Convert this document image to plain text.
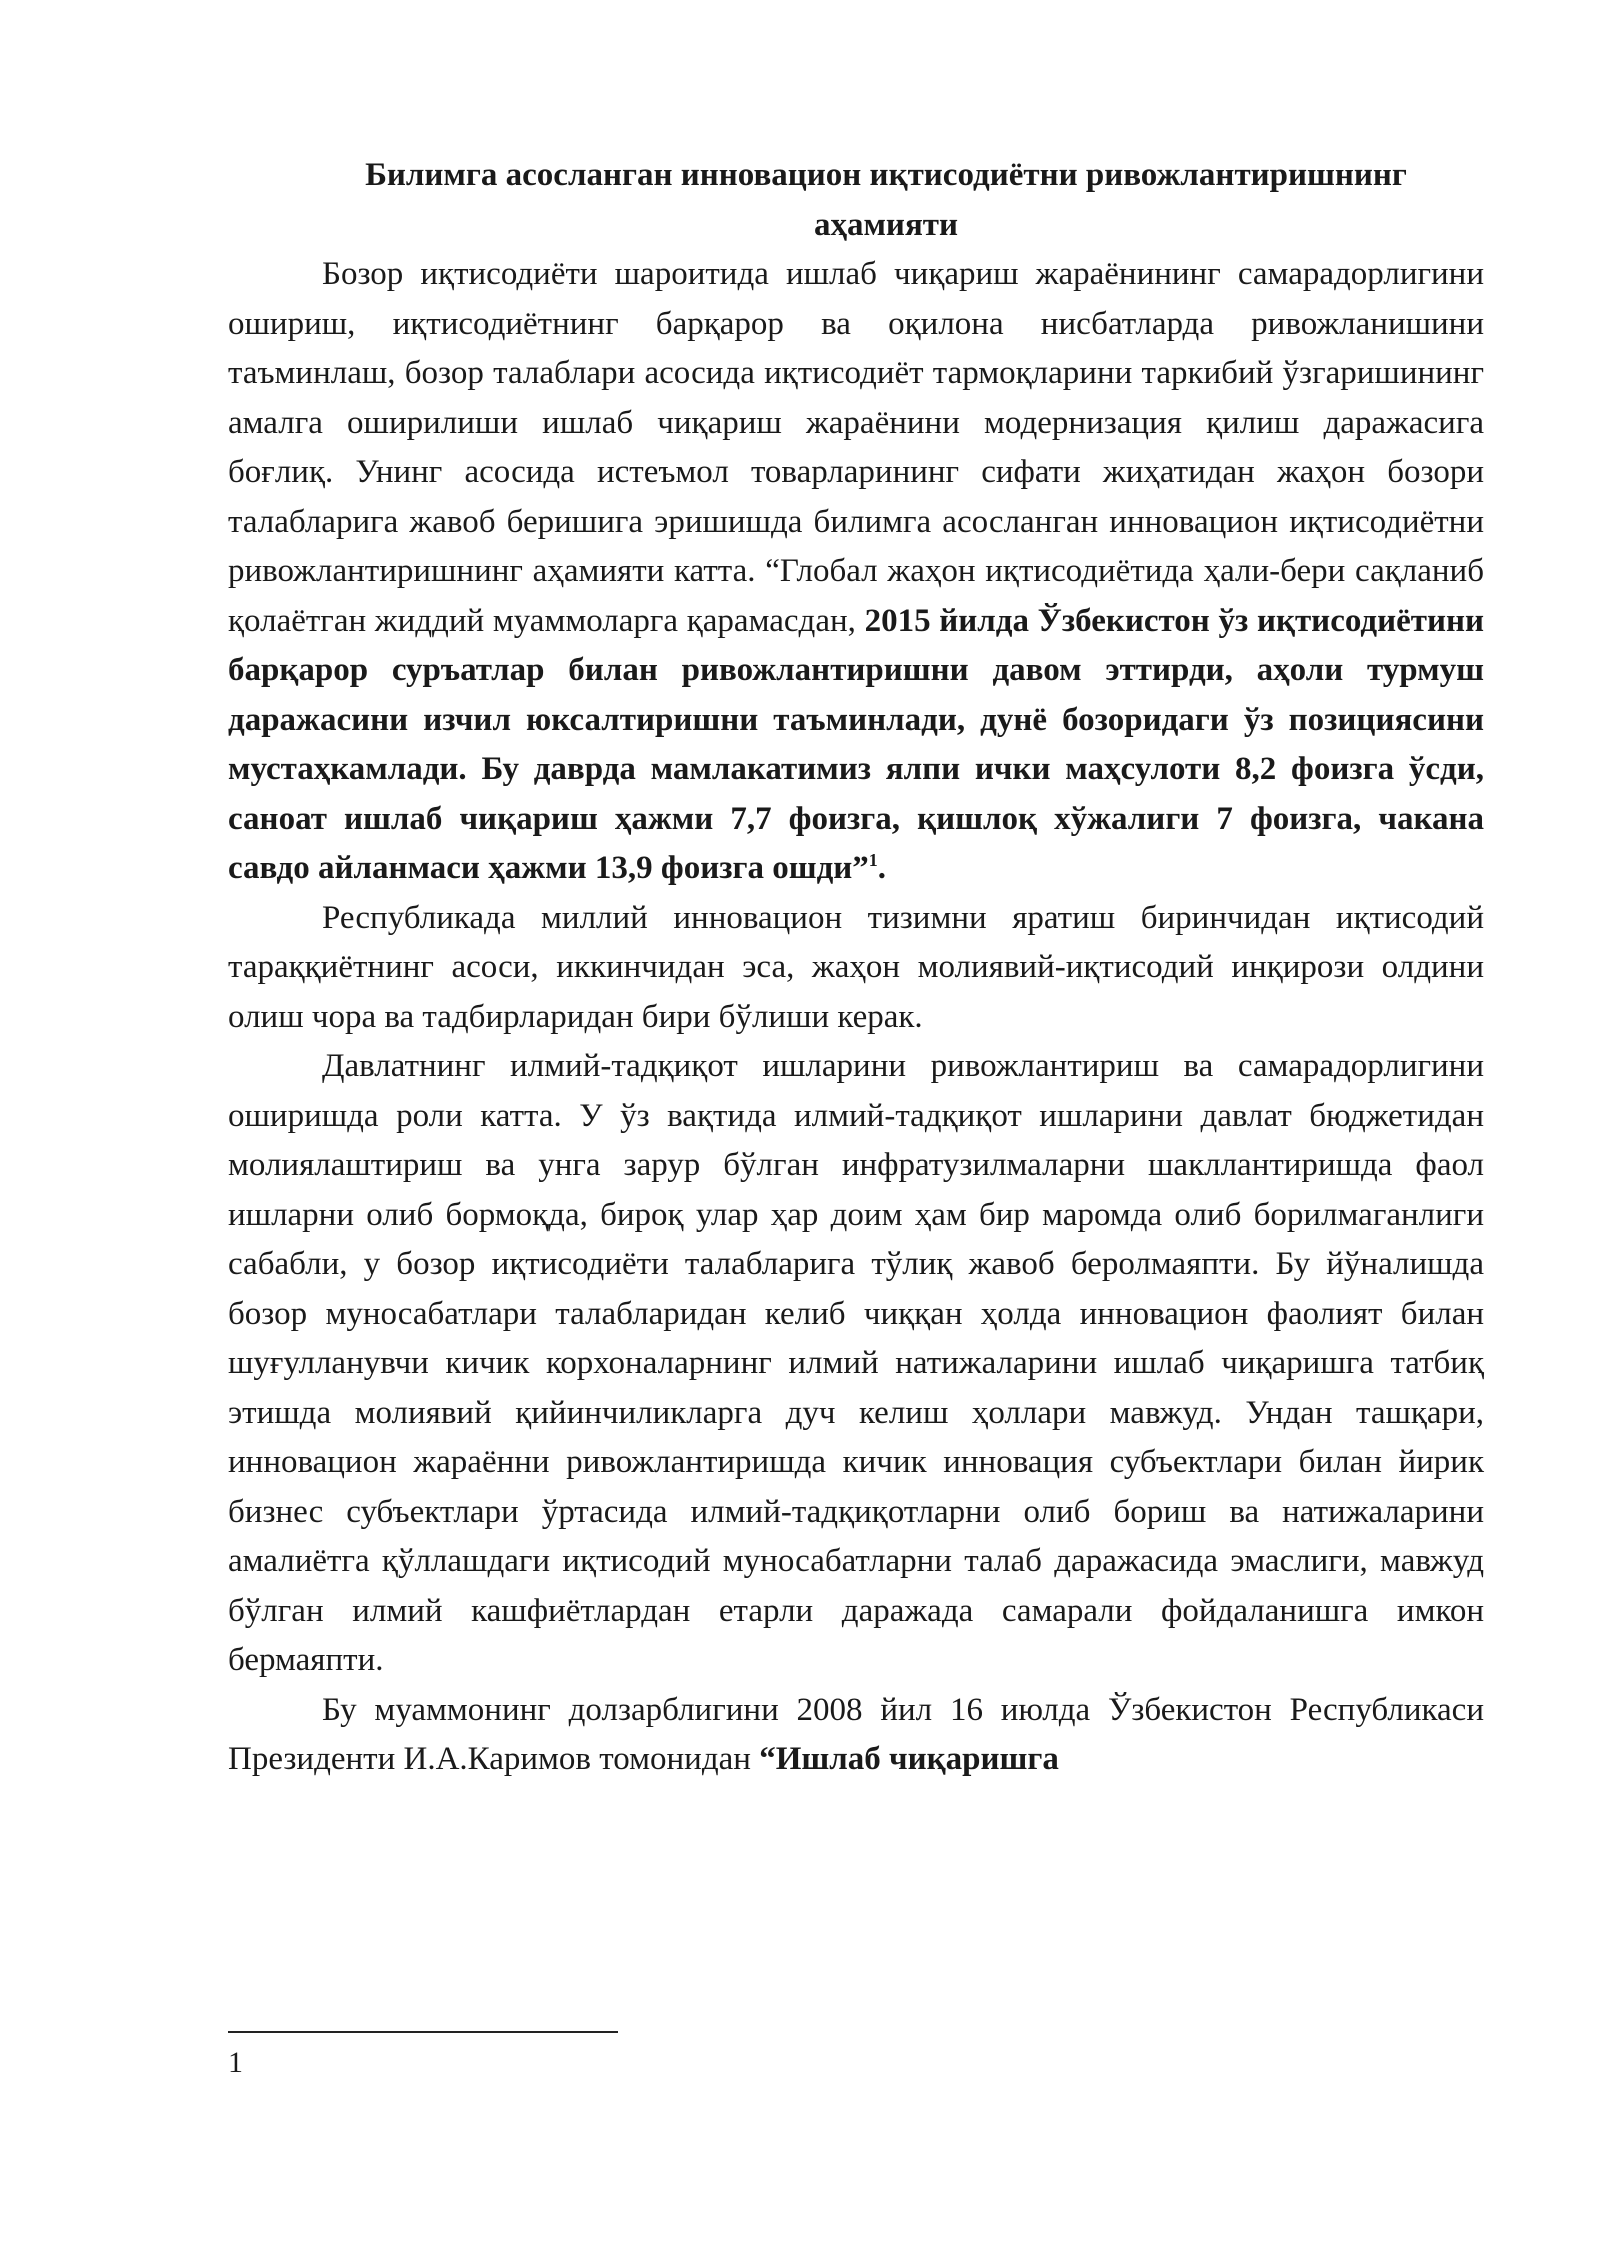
Билимга асосланган инновацион иқтисодиётни ривожлантиришнинг
аҳамияти

Бозор иқтисодиёти шароитида ишлаб чиқариш жараёнининг самарадорлигини ошириш, иқтисодиётнинг барқарор ва оқилона нисбатларда ривожланишини таъминлаш, бозор талаблари асосида иқтисодиёт тармоқларини таркибий ўзгаришининг амалга оширилиши ишлаб чиқариш жараёнини модернизация қилиш даражасига боғлиқ. Унинг асосида истеъмол товарларининг сифати жиҳатидан жаҳон бозори талабларига жавоб беришига эришишда билимга асосланган инновацион иқтисодиётни ривожлантиришнинг аҳамияти катта. “Глобал жаҳон иқтисодиётида ҳали-бери сақланиб қолаётган жиддий муаммоларга қарамасдан, 2015 йилда Ўзбекистон ўз иқтисодиётини барқарор суръатлар билан ривожлантиришни давом эттирди, аҳоли турмуш даражасини изчил юксалтиришни таъминлади, дунё бозоридаги ўз позициясини мустаҳкамлади. Бу даврда мамлакатимиз ялпи ички маҳсулоти 8,2 фоизга ўсди, саноат ишлаб чиқариш ҳажми 7,7 фоизга, қишлоқ хўжалиги 7 фоизга, чакана савдо айланмаси ҳажми 13,9 фоизга ошди”$^1$.

Республикада миллий инновацион тизимни яратиш биринчидан иқтисодий тараққиётнинг асоси, иккинчидан эса, жаҳон молиявий-иқтисодий инқирози олдини олиш чора ва тадбирларидан бири бўлиши керак.

Давлатнинг илмий-тадқиқот ишларини ривожлантириш ва самарадорлигини оширишда роли катта. У ўз вақтида илмий-тадқиқот ишларини давлат бюджетидан молиялаштириш ва унга зарур бўлган инфратузилмаларни шакллантиришда фаол ишларни олиб бормоқда, бироқ улар ҳар доим ҳам бир маромда олиб борилмаганлиги сабабли, у бозор иқтисодиёти талабларига тўлиқ жавоб беролмаяпти. Бу йўналишда бозор муносабатлари талабларидан келиб чиққан ҳолда инновацион фаолият билан шуғулланувчи кичик корхоналарнинг илмий натижаларини ишлаб чиқаришга татбиқ этишда молиявий қийинчиликларга дуч келиш ҳоллари мавжуд. Ундан ташқари, инновацион жараённи ривожлантиришда кичик инновация субъектлари билан йирик бизнес субъектлари ўртасида илмий-тадқиқотларни олиб бориш ва натижаларини амалиётга қўллашдаги иқтисодий муносабатларни талаб даражасида эмаслиги, мавжуд бўлган илмий кашфиётлардан етарли даражада самарали фойдаланишга имкон бермаяпти.

Бу муаммонинг долзарблигини 2008 йил 16 июлда Ўзбекистон Республикаси Президенти И.А.Каримов томонидан “Ишлаб чиқаришга

1
